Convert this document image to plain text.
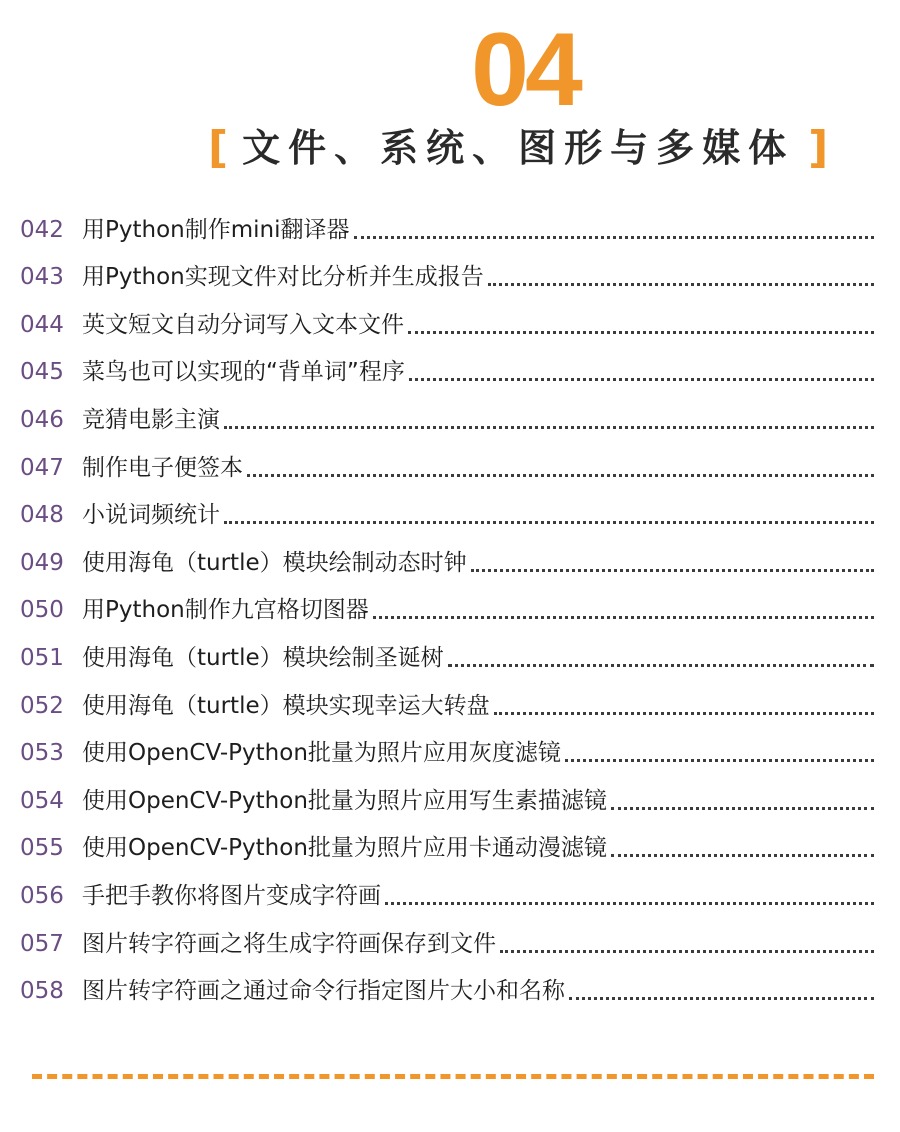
04
[ 文件、系统、图形与多媒体 ]
042 用Python制作mini翻译器
043 用Python实现文件对比分析并生成报告
044 英文短文自动分词写入文本文件
045 菜鸟也可以实现的“背单词”程序
046 竞猜电影主演
047 制作电子便签本
048 小说词频统计
049 使用海龟（turtle）模块绘制动态时钟
050 用Python制作九宫格切图器
051 使用海龟（turtle）模块绘制圣诞树
052 使用海龟（turtle）模块实现幸运大转盘
053 使用OpenCV-Python批量为照片应用灰度滤镜
054 使用OpenCV-Python批量为照片应用写生素描滤镜
055 使用OpenCV-Python批量为照片应用卡通动漫滤镜
056 手把手教你将图片变成字符画
057 图片转字符画之将生成字符画保存到文件
058 图片转字符画之通过命令行指定图片大小和名称
